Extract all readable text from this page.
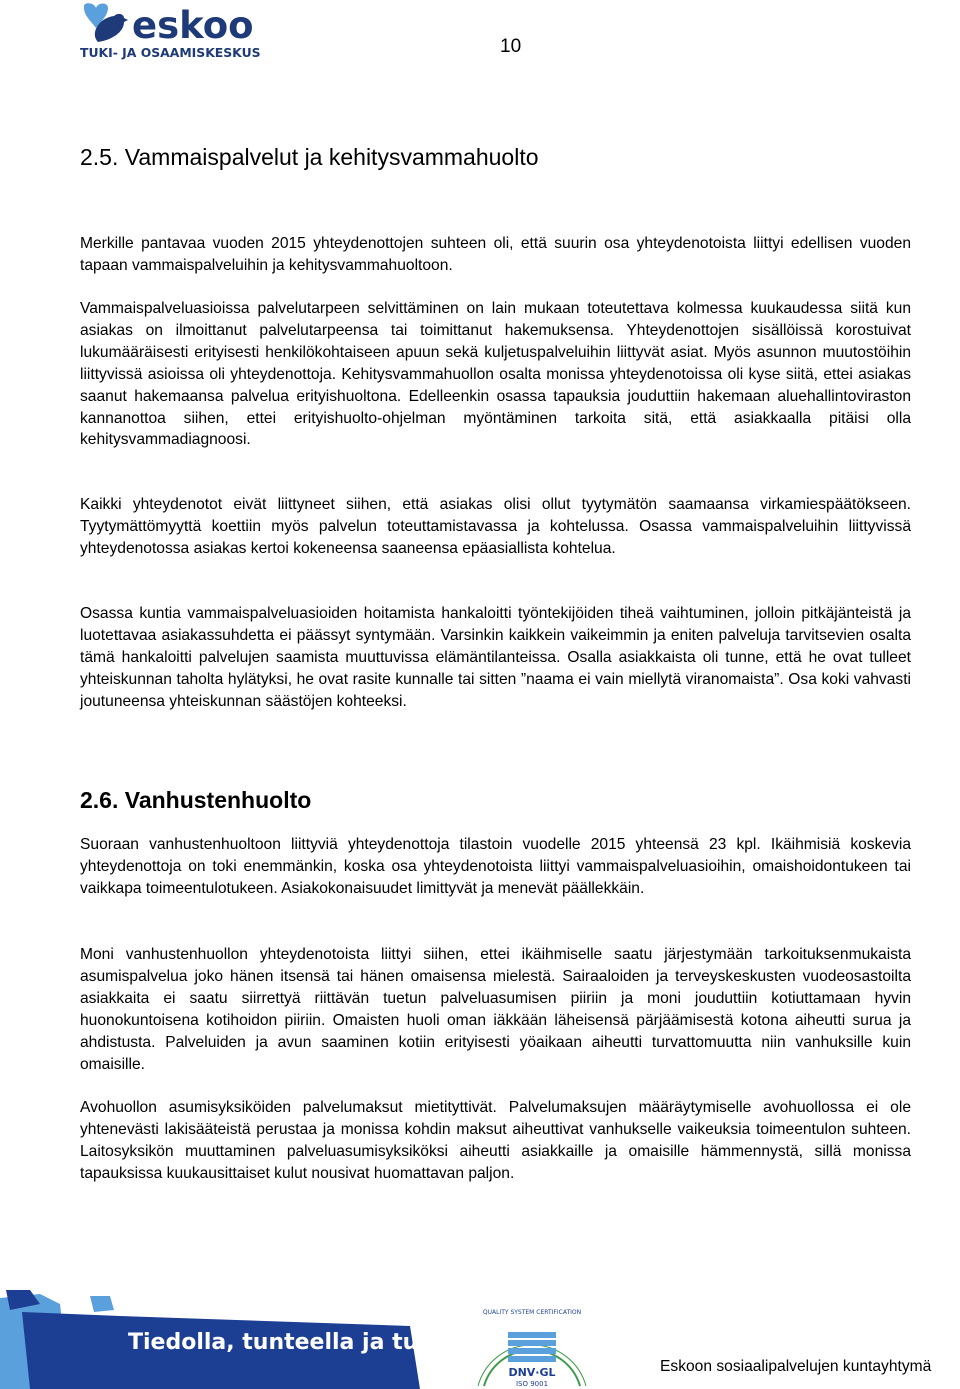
eskoo
TUKI- JA OSAAMISKESKUS	10
2.5. Vammaispalvelut ja kehitysvammahuolto

Merkille pantavaa vuoden 2015 yhteydenottojen suhteen oli, että suurin osa yhteydenotoista liittyi edellisen vuoden tapaan vammaispalveluihin ja kehitysvammahuoltoon.

Vammaispalveluasioissa palvelutarpeen selvittäminen on lain mukaan toteutettava kolmessa kuukaudessa siitä kun asiakas on ilmoittanut palvelutarpeensa tai toimittanut hakemuksensa. Yhteydenottojen sisällöissä korostuivat lukumääräisesti erityisesti henkilökohtaiseen apuun sekä kuljetuspalveluihin liittyvät asiat. Myös asunnon muutostöihin liittyvissä asioissa oli yhteydenottoja. Kehitysvammahuollon osalta monissa yhteydenotoissa oli kyse siitä, ettei asiakas saanut hakemaansa palvelua erityishuoltona. Edelleenkin osassa tapauksia jouduttiin hakemaan aluehallintoviraston kannanottoa siihen, ettei erityishuolto-ohjelman myöntäminen tarkoita sitä, että asiakkaalla pitäisi olla kehitysvammadiagnoosi.

Kaikki yhteydenotot eivät liittyneet siihen, että asiakas olisi ollut tyytymätön saamaansa virkamiespäätökseen. Tyytymättömyyttä koettiin myös palvelun toteuttamistavassa ja kohtelussa. Osassa vammaispalveluihin liittyvissä yhteydenotossa asiakas kertoi kokeneensa saaneensa epäasiallista kohtelua.

Osassa kuntia vammaispalveluasioiden hoitamista hankaloitti työntekijöiden tiheä vaihtuminen, jolloin pitkäjänteistä ja luotettavaa asiakassuhdetta ei päässyt syntymään. Varsinkin kaikkein vaikeimmin ja eniten palveluja tarvitsevien osalta tämä hankaloitti palvelujen saamista muuttuvissa elämäntilanteissa. Osalla asiakkaista oli tunne, että he ovat tulleet yhteiskunnan taholta hylätyksi, he ovat rasite kunnalle tai sitten ”naama ei vain miellytä viranomaista”. Osa koki vahvasti joutuneensa yhteiskunnan säästöjen kohteeksi.

2.6. Vanhustenhuolto

Suoraan vanhustenhuoltoon liittyviä yhteydenottoja tilastoin vuodelle 2015 yhteensä 23 kpl. Ikäihmisiä koskevia yhteydenottoja on toki enemmänkin, koska osa yhteydenotoista liittyi vammaispalveluasioihin, omaishoidontukeen tai vaikkapa toimeentulotukeen. Asiakokonaisuudet limittyvät ja menevät päällekkäin.

Moni vanhustenhuollon yhteydenotoista liittyi siihen, ettei ikäihmiselle saatu järjestymään tarkoituksenmukaista asumispalvelua joko hänen itsensä tai hänen omaisensa mielestä. Sairaaloiden ja terveyskeskusten vuodeosastoilta asiakkaita ei saatu siirrettyä riittävän tuetun palveluasumisen piiriin ja moni jouduttiin kotiuttamaan hyvin huonokuntoisena kotihoidon piiriin. Omaisten huoli oman iäkkään läheisensä pärjäämisestä kotona aiheutti surua ja ahdistusta. Palveluiden ja avun saaminen kotiin erityisesti yöaikaan aiheutti turvattomuutta niin vanhuksille kuin omaisille.

Avohuollon asumisyksiköiden palvelumaksut mietityttivät. Palvelumaksujen määräytymiselle avohuollossa ei ole yhtenevästi lakisääteistä perustaa ja monissa kohdin maksut aiheuttivat vanhukselle vaikeuksia toimeentulon suhteen. Laitosyksikön muuttaminen palveluasumisyksiköksi aiheutti asiakkaille ja omaisille hämmennystä, sillä monissa tapauksissa kuukausittaiset kulut nousivat huomattavan paljon.

Tiedolla, tunteella ja tuella.
DNV·GL
QUALITY SYSTEM CERTIFICATION
ISO 9001
Eskoon sosiaalipalvelujen kuntayhtymä
